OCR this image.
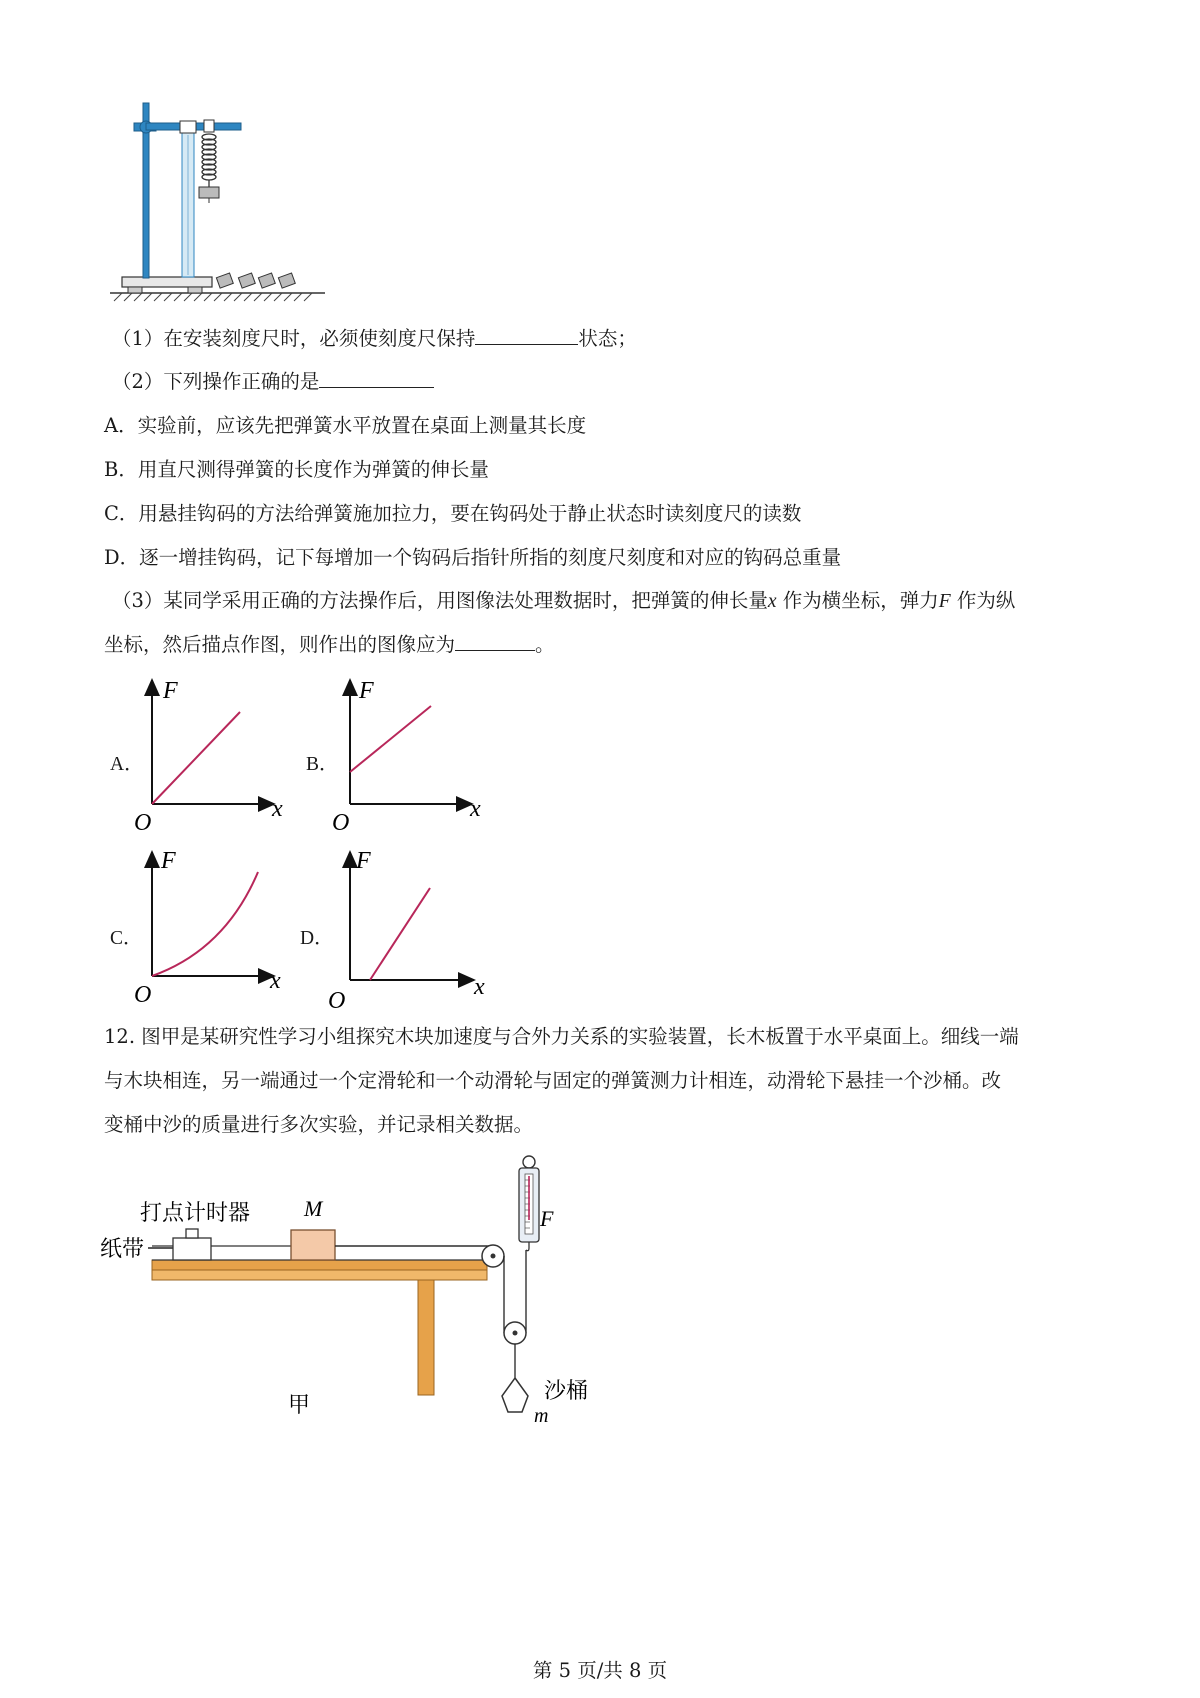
（1）在安装刻度尺时，必须使刻度尺保持	状态；
（2）下列操作正确的是
A．实验前，应该先把弹簧水平放置在桌面上测量其长度
B．用直尺测得弹簧的长度作为弹簧的伸长量
C．用悬挂钩码的方法给弹簧施加拉力，要在钩码处于静止状态时读刻度尺的读数
D．逐一增挂钩码，记下每增加一个钩码后指针所指的刻度尺刻度和对应的钩码总重量
（3）某同学采用正确的方法操作后，用图像法处理数据时，把弹簧的伸长量x 作为横坐标，弹力F 作为纵
坐标，然后描点作图，则作出的图像应为	。
A．
F
O
x
B．
F
O
x
C．
F
O
x
D．
F
O
x
12. 图甲是某研究性学习小组探究木块加速度与合外力关系的实验装置，长木板置于水平桌面上。细线一端
与木块相连，另一端通过一个定滑轮和一个动滑轮与固定的弹簧测力计相连，动滑轮下悬挂一个沙桶。改
变桶中沙的质量进行多次实验，并记录相关数据。
打点计时器
纸带
M	F
沙桶
m
甲
第 5 页/共 8 页
